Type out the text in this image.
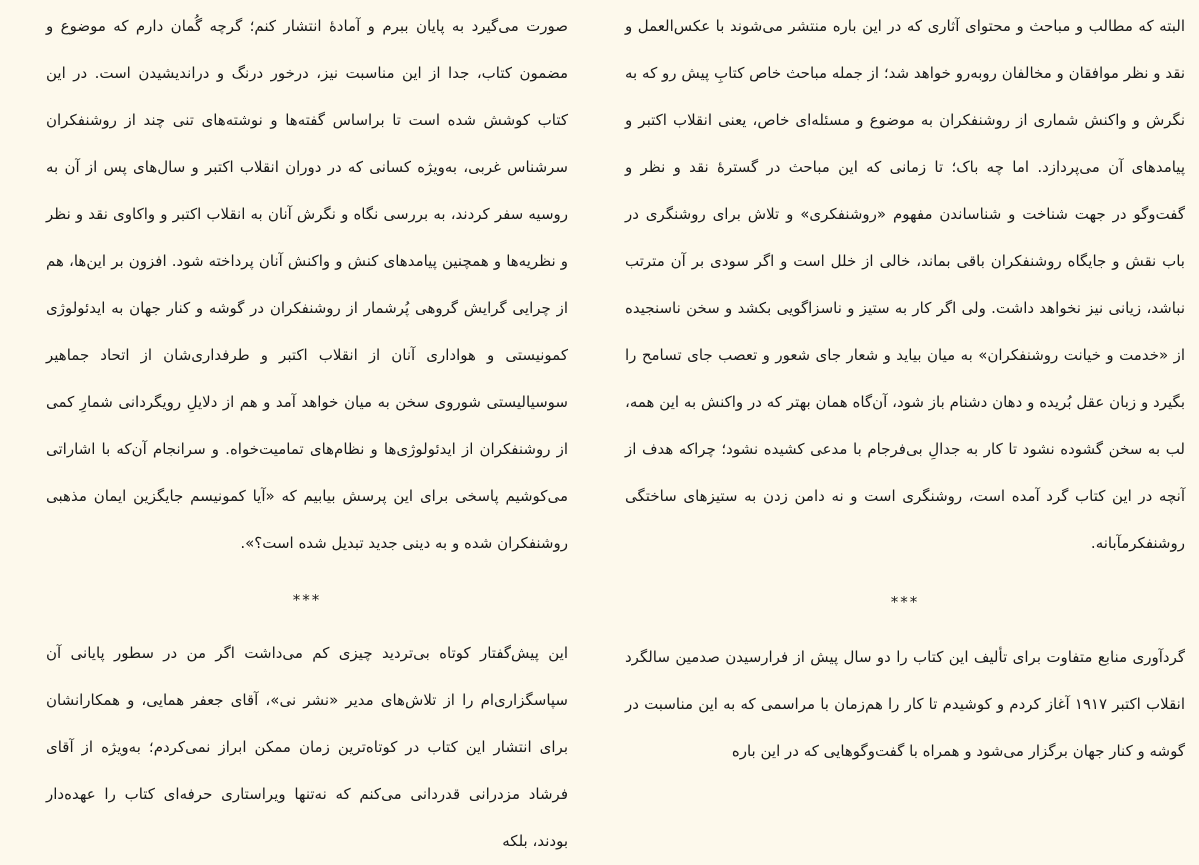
البته که مطالب و مباحث و محتوای آثاری که در این باره منتشر می‌شوند با عکس‌العمل و نقد و نظر موافقان و مخالفان روبه‌رو خواهد شد؛ از جمله مباحث خاص کتابِ پیش رو که به نگرش و واکنش شماری از روشنفکران به موضوع و مسئله‌ای خاص، یعنی انقلاب اکتبر و پیامدهای آن می‌پردازد. اما چه باک؛ تا زمانی که این مباحث در گسترهٔ نقد و نظر و گفت‌وگو در جهت شناخت و شناساندن مفهوم «روشنفکری» و تلاش برای روشنگری در باب نقش و جایگاه روشنفکران باقی بماند، خالی از خلل است و اگر سودی بر آن مترتب نباشد، زیانی نیز نخواهد داشت. ولی اگر کار به ستیز و ناسزاگویی بکشد و سخن ناسنجیده از «خدمت و خیانت روشنفکران» به میان بیاید و شعار جای شعور و تعصب جای تسامح را بگیرد و زبان عقل بُریده و دهان دشنام باز شود، آن‌گاه همان بهتر که در واکنش به این همه، لب به سخن گشوده نشود تا کار به جدالِ بی‌فرجام با مدعی کشیده نشود؛ چراکه هدف از آنچه در این کتاب گرد آمده است، روشنگری است و نه دامن زدن به ستیزهای ساختگی روشنفکرمآبانه.

***

گردآوری منابع متفاوت برای تألیف این کتاب را دو سال پیش از فرارسیدن صدمین سالگرد انقلاب اکتبر ۱۹۱۷ آغاز کردم و کوشیدم تا کار را هم‌زمان با مراسمی که به این مناسبت در گوشه و کنار جهان برگزار می‌شود و همراه با گفت‌وگوهایی که در این باره

صورت می‌گیرد به پایان ببرم و آمادهٔ انتشار کنم؛ گرچه گُمان دارم که موضوع و مضمون کتاب، جدا از این مناسبت نیز، درخور درنگ و درانديشيدن است. در این کتاب کوشش شده است تا براساس گفته‌ها و نوشته‌های تنی چند از روشنفکران سرشناس غربی، به‌ویژه کسانی که در دوران انقلاب اکتبر و سال‌های پس از آن به روسیه سفر کردند، به بررسی نگاه و نگرش آنان به انقلاب اکتبر و واکاوی نقد و نظر و نظریه‌ها و همچنین پیامدهای کنش و واکنش آنان پرداخته شود. افزون بر این‌ها، هم از چرایی گرایش گروهی پُرشمار از روشنفکران در گوشه و کنار جهان به ایدئولوژی کمونیستی و هواداری آنان از انقلاب اکتبر و طرفداری‌شان از اتحاد جماهیر سوسیالیستی شوروی سخن به میان خواهد آمد و هم از دلایلِ رویگردانی شمارِ کمی از روشنفکران از ایدئولوژی‌ها و نظام‌های تمامیت‌خواه. و سرانجام آن‌که با اشاراتی می‌کوشیم پاسخی برای این پرسش بیابیم که «آیا کمونیسم جایگزین ایمان مذهبی روشنفکران شده و به دینی جدید تبدیل شده است؟».

***

این پیش‌گفتار کوتاه بی‌تردید چیزی کم می‌داشت اگر من در سطور پایانی آن سپاسگزاری‌ام را از تلاش‌های مدیر «نشر نی»، آقای جعفر همایی، و همکارانشان برای انتشار این کتاب در کوتاه‌ترین زمان ممکن ابراز نمی‌کردم؛ به‌ویژه از آقای فرشاد مزدرانی قدردانی می‌کنم که نه‌تنها ویراستاری حرفه‌ای کتاب را عهده‌دار بودند، بلکه
